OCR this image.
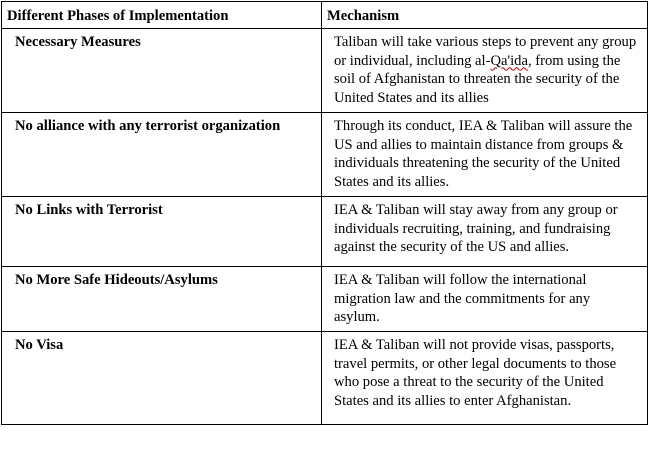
Different Phases of Implementation	Mechanism
Necessary Measures	Taliban will take various steps to prevent any group or individual, including al-Qa'ida, from using the soil of Afghanistan to threaten the security of the United States and its allies
No alliance with any terrorist organization	Through its conduct, IEA & Taliban will assure the US and allies to maintain distance from groups & individuals threatening the security of the United States and its allies.
No Links with Terrorist	IEA & Taliban will stay away from any group or individuals recruiting, training, and fundraising against the security of the US and allies.
No More Safe Hideouts/Asylums	IEA & Taliban will follow the international migration law and the commitments for any asylum.
No Visa	IEA & Taliban will not provide visas, passports, travel permits, or other legal documents to those who pose a threat to the security of the United States and its allies to enter Afghanistan.
